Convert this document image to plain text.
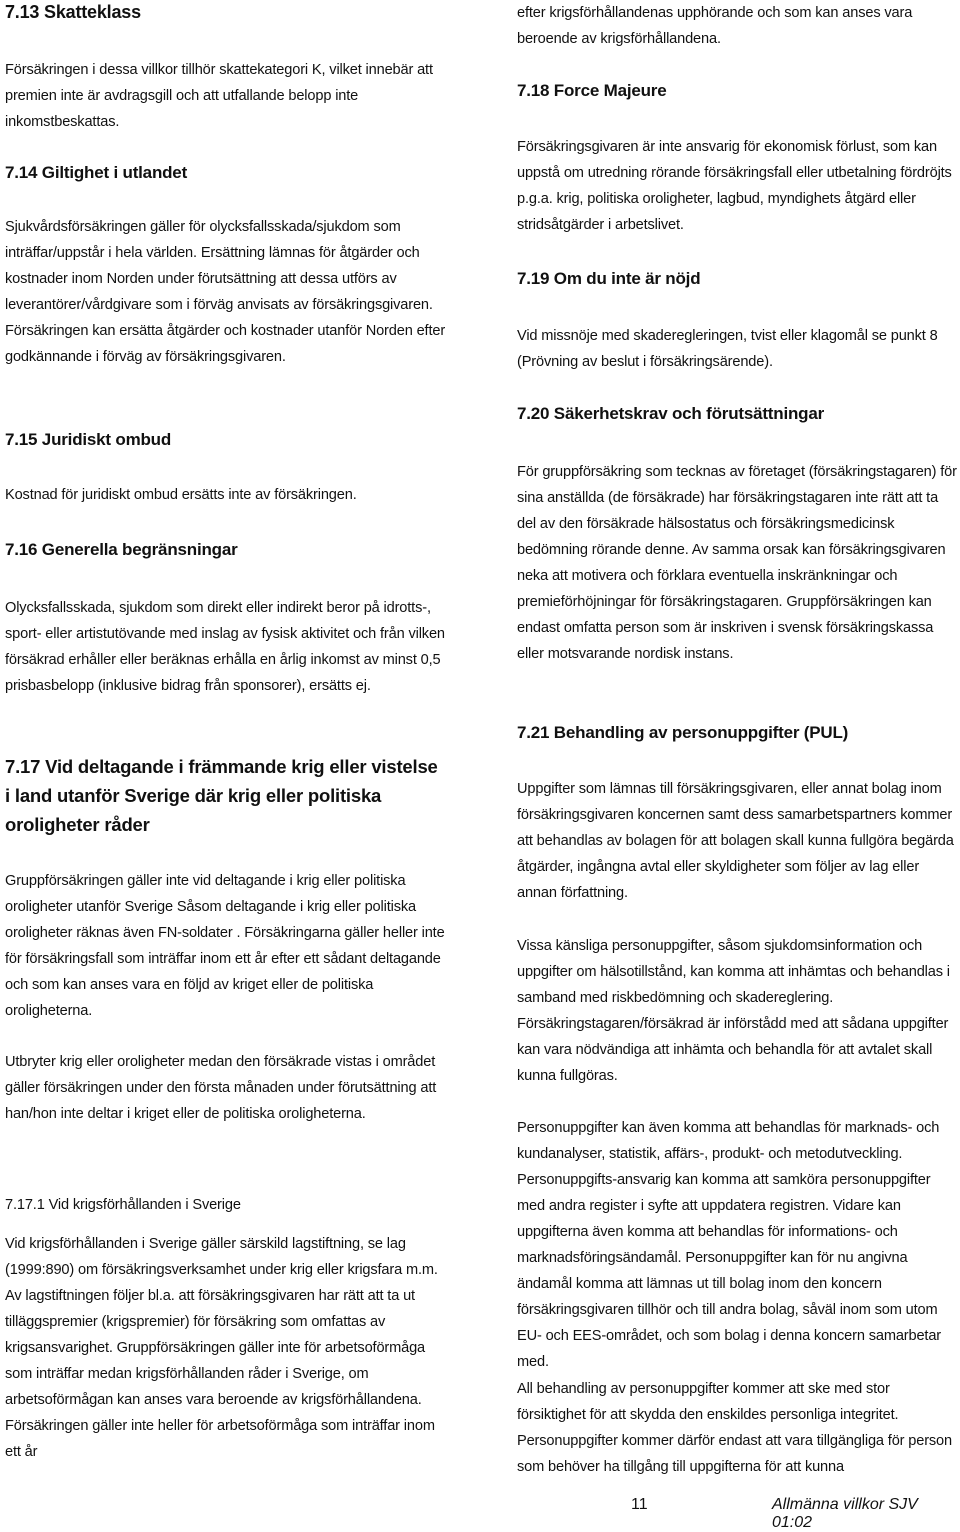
7.13 Skatteklass

Försäkringen i dessa villkor tillhör skattekategori K, vilket innebär att premien inte är avdragsgill och att utfallande belopp inte inkomstbeskattas.

7.14 Giltighet i utlandet

Sjukvårdsförsäkringen gäller för olycksfallsskada/sjukdom som inträffar/uppstår i hela världen. Ersättning lämnas för åtgärder och kostnader inom Norden under förutsättning att dessa utförs av leverantörer/vårdgivare som i förväg anvisats av försäkringsgivaren. Försäkringen kan ersätta åtgärder och kostnader utanför Norden efter godkännande i förväg av försäkringsgivaren.

7.15 Juridiskt ombud

Kostnad för juridiskt ombud ersätts inte av försäkringen.

7.16 Generella begränsningar

Olycksfallsskada, sjukdom som direkt eller indirekt beror på idrotts-, sport- eller artistutövande med inslag av fysisk aktivitet och från vilken försäkrad erhåller eller beräknas erhålla en årlig inkomst av minst 0,5 prisbasbelopp (inklusive bidrag från sponsorer), ersätts ej.

7.17 Vid deltagande i främmande krig eller vistelse i land utanför Sverige där krig eller politiska oroligheter råder

Gruppförsäkringen gäller inte vid deltagande i krig eller politiska oroligheter utanför Sverige Såsom deltagande i krig eller politiska oroligheter räknas även FN-soldater . Försäkringarna gäller heller inte för försäkringsfall som inträffar inom ett år efter ett sådant deltagande och som kan anses vara en följd av kriget eller de politiska oroligheterna.

Utbryter krig eller oroligheter medan den försäkrade vistas i området gäller försäkringen under den första månaden under förutsättning att han/hon inte deltar i kriget eller de politiska oroligheterna.

7.17.1 Vid krigsförhållanden i Sverige

Vid krigsförhållanden i Sverige gäller särskild lagstiftning, se lag (1999:890) om försäkringsverksamhet under krig eller krigsfara m.m. Av lagstiftningen följer bl.a. att försäkringsgivaren har rätt att ta ut tilläggspremier (krigspremier) för försäkring som omfattas av krigsansvarighet. Gruppförsäkringen gäller inte för arbetsoförmåga som inträffar medan krigsförhållanden råder i Sverige, om arbetsoförmågan kan anses vara beroende av krigsförhållandena. Försäkringen gäller inte heller för arbetsoförmåga som inträffar inom ett år

efter krigsförhållandenas upphörande och som kan anses vara beroende av krigsförhållandena.

7.18 Force Majeure

Försäkringsgivaren är inte ansvarig för ekonomisk förlust, som kan uppstå om utredning rörande försäkringsfall eller utbetalning fördröjts p.g.a. krig, politiska oroligheter, lagbud, myndighets åtgärd eller stridsåtgärder i arbetslivet.

7.19 Om du inte är nöjd

Vid missnöje med skaderegleringen, tvist eller klagomål se punkt 8 (Prövning av beslut i försäkringsärende).

7.20 Säkerhetskrav och förutsättningar

För gruppförsäkring som tecknas av företaget (försäkringstagaren) för sina anställda (de försäkrade) har försäkringstagaren inte rätt att ta del av den försäkrade hälsostatus och försäkringsmedicinsk bedömning rörande denne. Av samma orsak kan försäkringsgivaren neka att motivera och förklara eventuella inskränkningar och premieförhöjningar för försäkringstagaren. Gruppförsäkringen kan endast omfatta person som är inskriven i svensk försäkringskassa eller motsvarande nordisk instans.

7.21 Behandling av personuppgifter (PUL)

Uppgifter som lämnas till försäkringsgivaren, eller annat bolag inom försäkringsgivaren koncernen samt dess samarbetspartners kommer att behandlas av bolagen för att bolagen skall kunna fullgöra begärda åtgärder, ingångna avtal eller skyldigheter som följer av lag eller annan författning.

Vissa känsliga personuppgifter, såsom sjukdomsinformation och uppgifter om hälsotillstånd, kan komma att inhämtas och behandlas i samband med riskbedömning och skadereglering. Försäkringstagaren/försäkrad är införstådd med att sådana uppgifter kan vara nödvändiga att inhämta och behandla för att avtalet skall kunna fullgöras.

Personuppgifter kan även komma att behandlas för marknads- och kundanalyser, statistik, affärs-, produkt- och metodutveckling. Personuppgifts-ansvarig kan komma att samköra personuppgifter med andra register i syfte att uppdatera registren. Vidare kan uppgifterna även komma att behandlas för informations- och marknadsföringsändamål. Personuppgifter kan för nu angivna ändamål komma att lämnas ut till bolag inom den koncern försäkringsgivaren tillhör och till andra bolag, såväl inom som utom EU- och EES-området, och som bolag i denna koncern samarbetar med.

All behandling av personuppgifter kommer att ske med stor försiktighet för att skydda den enskildes personliga integritet.

Personuppgifter kommer därför endast att vara tillgängliga för person som behöver ha tillgång till uppgifterna för att kunna

11	Allmänna villkor SJV 01:02
